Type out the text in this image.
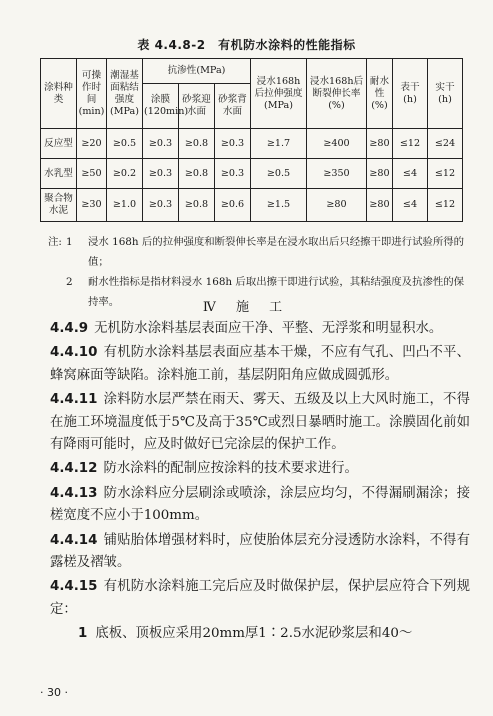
表 4.4.8-2　有机防水涂料的性能指标
涂料种类	可操作时间(min)	潮湿基面粘结强度(MPa)	抗渗性(MPa)			浸水168h后拉伸强度(MPa)	浸水168h后断裂伸长率(%)	耐水性(%)	表干(h)	实干(h)
			涂膜(120min)	砂浆迎水面	砂浆背水面					
反应型	≥20	≥0.5	≥0.3	≥0.8	≥0.3	≥1.7	≥400	≥80	≤12	≤24
水乳型	≥50	≥0.2	≥0.3	≥0.8	≥0.3	≥0.5	≥350	≥80	≤4	≤12
聚合物水泥	≥30	≥1.0	≥0.3	≥0.8	≥0.6	≥1.5	≥80	≥80	≤4	≤12
注: 1	浸水 168h 后的拉伸强度和断裂伸长率是在浸水取出后只经擦干即进行试验所得的值；
2	耐水性指标是指材料浸水 168h 后取出擦干即进行试验，其粘结强度及抗渗性的保持率。	Ⅳ 施 工

4.4.9 无机防水涂料基层表面应干净、平整、无浮浆和明显积水。

4.4.10 有机防水涂料基层表面应基本干燥，不应有气孔、凹凸不平、蜂窝麻面等缺陷。涂料施工前，基层阴阳角应做成圆弧形。

4.4.11 涂料防水层严禁在雨天、雾天、五级及以上大风时施工，不得在施工环境温度低于5℃及高于35℃或烈日暴晒时施工。涂膜固化前如有降雨可能时，应及时做好已完涂层的保护工作。

4.4.12 防水涂料的配制应按涂料的技术要求进行。

4.4.13 防水涂料应分层刷涂或喷涂，涂层应均匀，不得漏刷漏涂；接槎宽度不应小于100mm。

4.4.14 铺贴胎体增强材料时，应使胎体层充分浸透防水涂料，不得有露槎及褶皱。

4.4.15 有机防水涂料施工完后应及时做保护层，保护层应符合下列规定：

1 底板、顶板应采用20mm厚1∶2.5水泥砂浆层和40～

· 30 ·
